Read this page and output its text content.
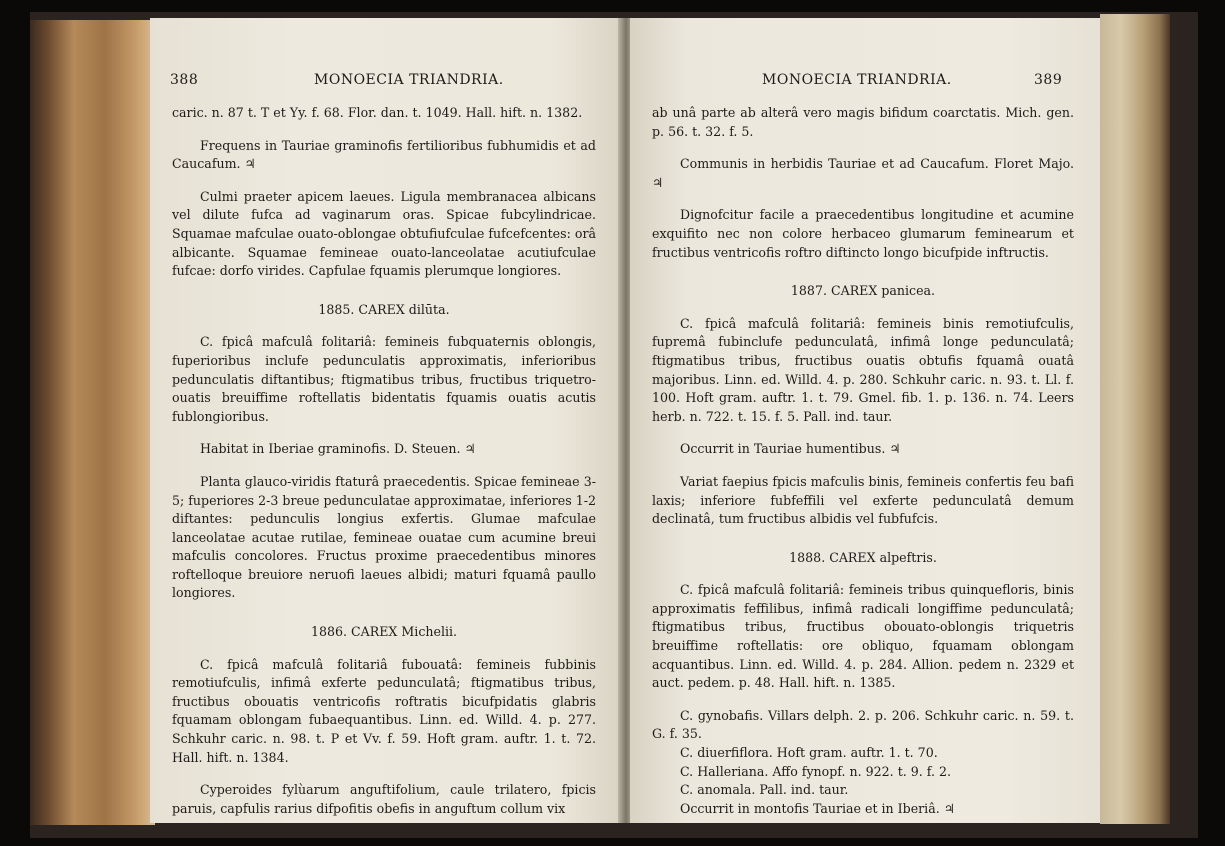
388	MONOECIA TRIANDRIA.

caric. n. 87 t. T et Yy. f. 68. Flor. dan. t. 1049. Hall. hift. n. 1382.

Frequens in Tauriae graminofis fertilioribus fubhumidis et ad Caucafum. ♃

Culmi praeter apicem laeues. Ligula membranacea albicans vel dilute fufca ad vaginarum oras. Spicae fubcylindricae. Squamae mafculae ouato-oblongae obtufiufculae fufcefcentes: orâ albicante. Squamae femineae ouato-lanceolatae acutiufculae fufcae: dorfo virides. Capfulae fquamis plerumque longiores.

1885. CAREX dilūta.

C. fpicâ mafculâ folitariâ: femineis fubquaternis oblongis, fuperioribus inclufe pedunculatis approximatis, inferioribus pedunculatis diftantibus; ftigmatibus tribus, fructibus triquetro-ouatis breuiffime roftellatis bidentatis fquamis ouatis acutis fublongioribus.

Habitat in Iberiae graminofis. D. Steuen. ♃

Planta glauco-viridis ftaturâ praecedentis. Spicae femineae 3-5; fuperiores 2-3 breue pedunculatae approximatae, inferiores 1-2 diftantes: pedunculis longius exfertis. Glumae mafculae lanceolatae acutae rutilae, femineae ouatae cum acumine breui mafculis concolores. Fructus proxime praecedentibus minores roftelloque breuiore neruofi laeues albidi; maturi fquamâ paullo longiores.

1886. CAREX Michelii.

C. fpicâ mafculâ folitariâ fubouatâ: femineis fubbinis remotiufculis, infimâ exferte pedunculatâ; ftigmatibus tribus, fructibus obouatis ventricofis roftratis bicufpidatis glabris fquamam oblongam fubaequantibus. Linn. ed. Willd. 4. p. 277. Schkuhr caric. n. 98. t. P et Vv. f. 59. Hoft gram. auftr. 1. t. 72. Hall. hift. n. 1384.

Cyperoides fylùarum anguftifolium, caule trilatero, fpicis paruis, capfulis rarius difpofitis obefis in anguftum collum vix

MONOECIA TRIANDRIA.	389

ab unâ parte ab alterâ vero magis bifidum coarctatis. Mich. gen. p. 56. t. 32. f. 5.

Communis in herbidis Tauriae et ad Caucafum. Floret Majo. ♃

Dignofcitur facile a praecedentibus longitudine et acumine exquifito nec non colore herbaceo glumarum feminearum et fructibus ventricofis roftro diftincto longo bicufpide inftructis.

1887. CAREX panicea.

C. fpicâ mafculâ folitariâ: femineis binis remotiufculis, fupremâ fubinclufe pedunculatâ, infimâ longe pedunculatâ; ftigmatibus tribus, fructibus ouatis obtufis fquamâ ouatâ majoribus. Linn. ed. Willd. 4. p. 280. Schkuhr caric. n. 93. t. Ll. f. 100. Hoft gram. auftr. 1. t. 79. Gmel. fib. 1. p. 136. n. 74. Leers herb. n. 722. t. 15. f. 5. Pall. ind. taur.

Occurrit in Tauriae humentibus. ♃

Variat faepius fpicis mafculis binis, femineis confertis feu bafi laxis; inferiore fubfeffili vel exferte pedunculatâ demum declinatâ, tum fructibus albidis vel fubfufcis.

1888. CAREX alpeftris.

C. fpicâ mafculâ folitariâ: femineis tribus quinquefloris, binis approximatis feffilibus, infimâ radicali longiffime pedunculatâ; ftigmatibus tribus, fructibus obouato-oblongis triquetris breuiffime roftellatis: ore obliquo, fquamam oblongam acquantibus. Linn. ed. Willd. 4. p. 284. Allion. pedem n. 2329 et auct. pedem. p. 48. Hall. hift. n. 1385.

C. gynobafis. Villars delph. 2. p. 206. Schkuhr caric. n. 59. t. G. f. 35.

C. diuerfiflora. Hoft gram. auftr. 1. t. 70.

C. Halleriana. Affo fynopf. n. 922. t. 9. f. 2.

C. anomala. Pall. ind. taur.

Occurrit in montofis Tauriae et in Iberiâ. ♃
